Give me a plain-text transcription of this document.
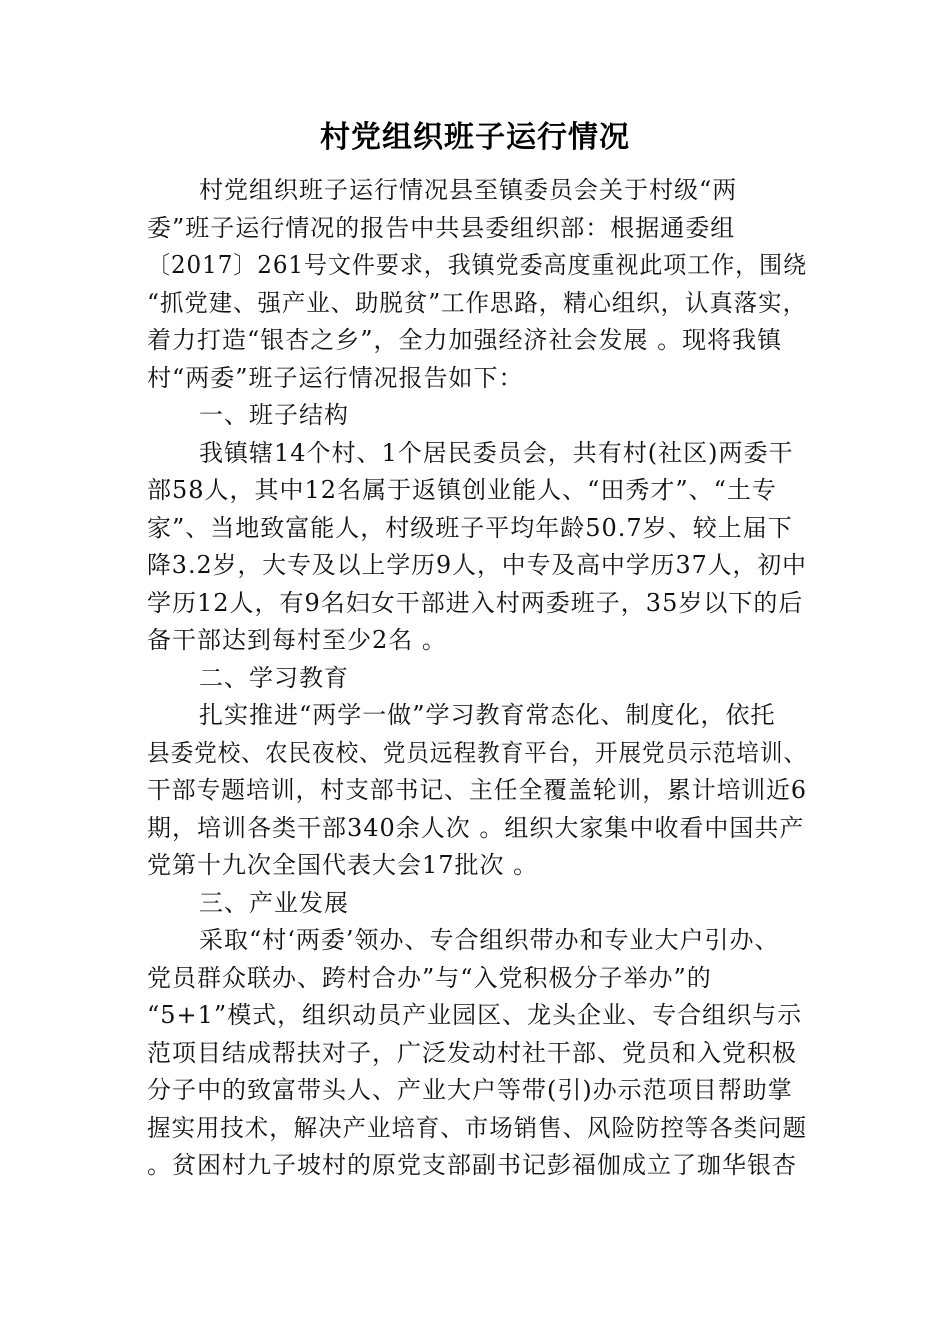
村党组织班子运行情况
村党组织班子运行情况县至镇委员会关于村级“两
委”班子运行情况的报告中共县委组织部：根据通委组
〔2017〕261号文件要求，我镇党委高度重视此项工作，围绕
“抓党建、强产业、助脱贫”工作思路，精心组织，认真落实，
着力打造“银杏之乡”，全力加强经济社会发展 。现将我镇
村“两委”班子运行情况报告如下：
一、班子结构
我镇辖14个村、1个居民委员会，共有村(社区)两委干
部58人，其中12名属于返镇创业能人、“田秀才”、“土专
家”、当地致富能人，村级班子平均年龄50.7岁、较上届下
降3.2岁，大专及以上学历9人，中专及高中学历37人，初中
学历12人，有9名妇女干部进入村两委班子，35岁以下的后
备干部达到每村至少2名 。
二、学习教育
扎实推进“两学一做”学习教育常态化、制度化，依托
县委党校、农民夜校、党员远程教育平台，开展党员示范培训、
干部专题培训，村支部书记、主任全覆盖轮训，累计培训近6
期，培训各类干部340余人次 。组织大家集中收看中国共产
党第十九次全国代表大会17批次 。
三、产业发展
采取“村‘两委’领办、专合组织带办和专业大户引办、
党员群众联办、跨村合办”与“入党积极分子举办”的
“5+1”模式，组织动员产业园区、龙头企业、专合组织与示
范项目结成帮扶对子，广泛发动村社干部、党员和入党积极
分子中的致富带头人、产业大户等带(引)办示范项目帮助掌
握实用技术，解决产业培育、市场销售、风险防控等各类问题
。贫困村九子坡村的原党支部副书记彭福伽成立了珈华银杏
